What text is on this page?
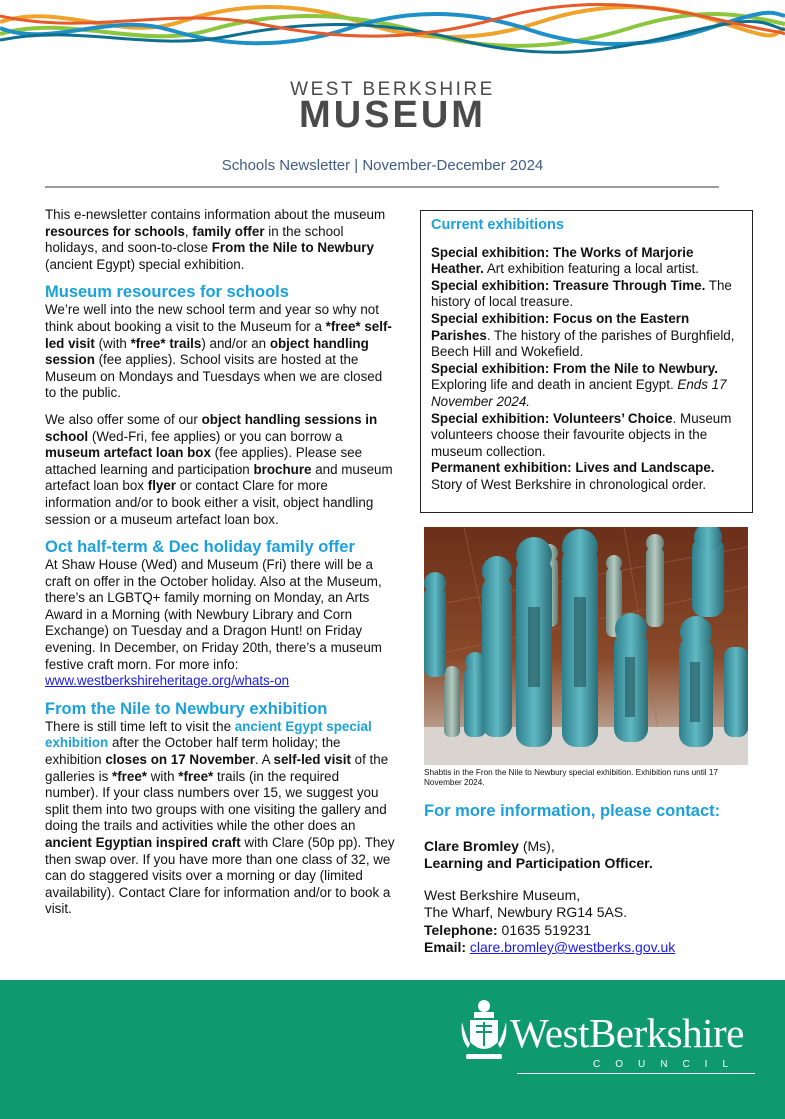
WEST BERKSHIRE
MUSEUM
Schools Newsletter | November-December 2024

This e-newsletter contains information about the museum resources for schools, family offer in the school holidays, and soon-to-close From the Nile to Newbury (ancient Egypt) special exhibition.

Museum resources for schools

We’re well into the new school term and year so why not think about booking a visit to the Museum for a *free* self-led visit (with *free* trails) and/or an object handling session (fee applies). School visits are hosted at the Museum on Mondays and Tuesdays when we are closed to the public.

We also offer some of our object handling sessions in school (Wed-Fri, fee applies) or you can borrow a museum artefact loan box (fee applies). Please see attached learning and participation brochure and museum artefact loan box flyer or contact Clare for more information and/or to book either a visit, object handling session or a museum artefact loan box.

Oct half-term & Dec holiday family offer

At Shaw House (Wed) and Museum (Fri) there will be a craft on offer in the October holiday. Also at the Museum, there’s an LGBTQ+ family morning on Monday, an Arts Award in a Morning (with Newbury Library and Corn Exchange) on Tuesday and a Dragon Hunt! on Friday evening. In December, on Friday 20th, there’s a museum festive craft morn. For more info: www.westberkshireheritage.org/whats-on

From the Nile to Newbury exhibition

There is still time left to visit the ancient Egypt special exhibition after the October half term holiday; the exhibition closes on 17 November. A self-led visit of the galleries is *free* with *free* trails (in the required number). If your class numbers over 15, we suggest you split them into two groups with one visiting the gallery and doing the trails and activities while the other does an ancient Egyptian inspired craft with Clare (50p pp). They then swap over. If you have more than one class of 32, we can do staggered visits over a morning or day (limited availability). Contact Clare for information and/or to book a visit.

Current exhibitions

Special exhibition: The Works of Marjorie Heather. Art exhibition featuring a local artist.

Special exhibition: Treasure Through Time. The history of local treasure.

Special exhibition: Focus on the Eastern Parishes. The history of the parishes of Burghfield, Beech Hill and Wokefield.

Special exhibition: From the Nile to Newbury. Exploring life and death in ancient Egypt. Ends 17 November 2024.

Special exhibition: Volunteers’ Choice. Museum volunteers choose their favourite objects in the museum collection.

Permanent exhibition: Lives and Landscape. Story of West Berkshire in chronological order.

Shabtis in the Fron the Nile to Newbury special exhibition. Exhibition runs until 17 November 2024.
For more information, please contact:

Clare Bromley (Ms),
Learning and Participation Officer.

West Berkshire Museum,
The Wharf, Newbury RG14 5AS.
Telephone: 01635 519231
Email: clare.bromley@westberks.gov.uk

WestBerkshire
COUNCIL
